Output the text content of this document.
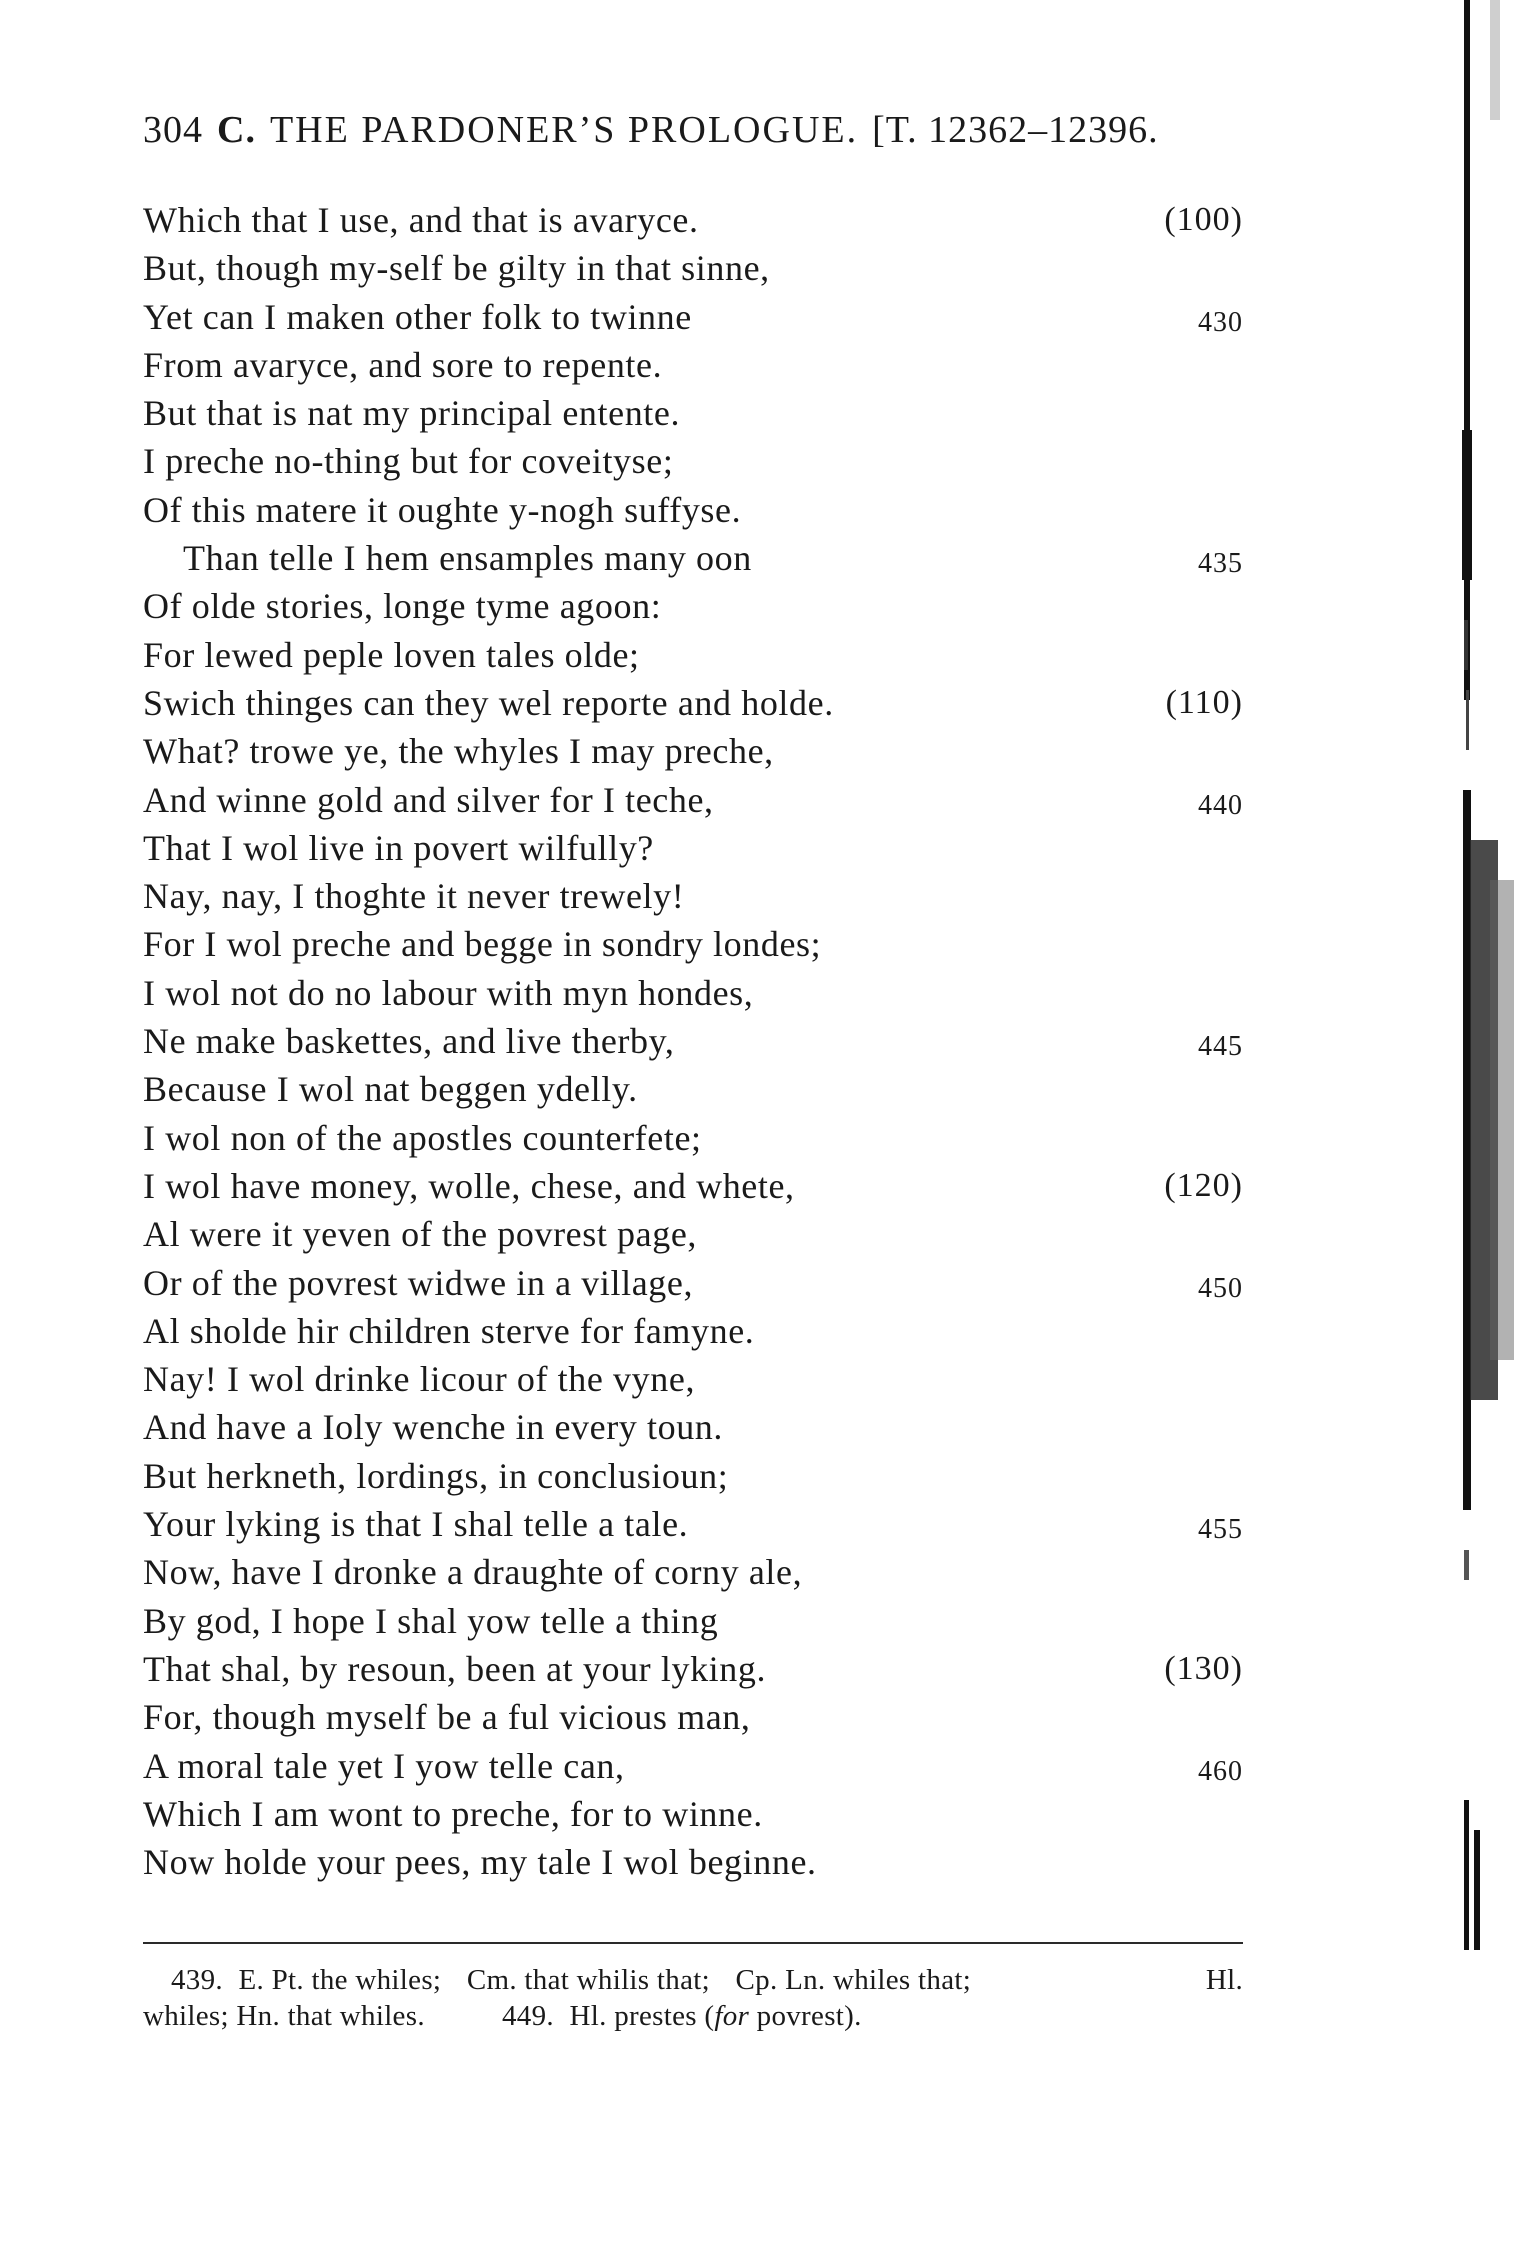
304 C. THE PARDONER’S PROLOGUE. [T. 12362–12396.
Which that I use, and that is avaryce.	(100)
But, though my-self be gilty in that sinne,
Yet can I maken other folk to twinne	430
From avaryce, and sore to repente.
But that is nat my principal entente.
I preche no-thing but for coveityse;
Of this matere it oughte y-nogh suffyse.
Than telle I hem ensamples many oon	435
Of olde stories, longe tyme agoon:
For lewed peple loven tales olde;
Swich thinges can they wel reporte and holde.	(110)
What? trowe ye, the whyles I may preche,
And winne gold and silver for I teche,	440
That I wol live in povert wilfully?
Nay, nay, I thoghte it never trewely!
For I wol preche and begge in sondry londes;
I wol not do no labour with myn hondes,
Ne make baskettes, and live therby,	445
Because I wol nat beggen ydelly.
I wol non of the apostles counterfete;
I wol have money, wolle, chese, and whete,	(120)
Al were it yeven of the povrest page,
Or of the povrest widwe in a village,	450
Al sholde hir children sterve for famyne.
Nay! I wol drinke licour of the vyne,
And have a Ioly wenche in every toun.
But herkneth, lordings, in conclusioun;
Your lyking is that I shal telle a tale.	455
Now, have I dronke a draughte of corny ale,
By god, I hope I shal yow telle a thing
That shal, by resoun, been at your lyking.	(130)
For, though myself be a ful vicious man,
A moral tale yet I yow telle can,	460
Which I am wont to preche, for to winne.
Now holde your pees, my tale I wol beginne.
439. E. Pt. the whiles; Cm. that whilis that; Cp. Ln. whiles that;	Hl.
whiles; Hn. that whiles.	449. Hl. prestes (for povrest).
